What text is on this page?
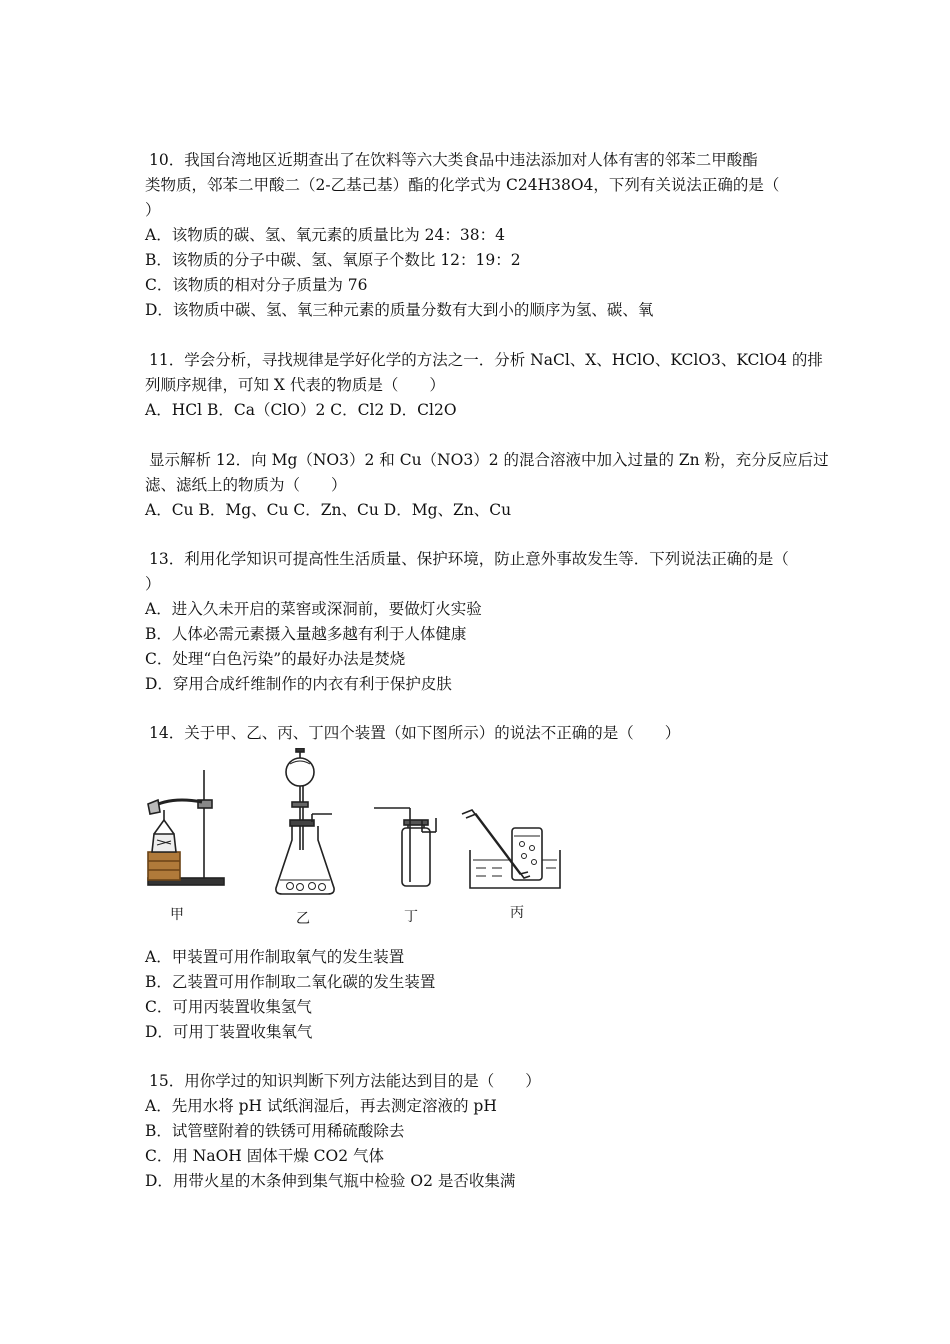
10．我国台湾地区近期查出了在饮料等六大类食品中违法添加对人体有害的邻苯二甲酸酯
类物质，邻苯二甲酸二（2-乙基己基）酯的化学式为 C24H38O4，下列有关说法正确的是（
）
A．该物质的碳、氢、氧元素的质量比为 24：38：4
B．该物质的分子中碳、氢、氧原子个数比 12：19：2
C．该物质的相对分子质量为 76
D．该物质中碳、氢、氧三种元素的质量分数有大到小的顺序为氢、碳、氧
11．学会分析，寻找规律是学好化学的方法之一．分析 NaCl、X、HClO、KClO3、KClO4 的排
列顺序规律，可知 X 代表的物质是（　　）
A．HCl B．Ca（ClO）2 C．Cl2 D．Cl2O
显示解析 12．向 Mg（NO3）2 和 Cu（NO3）2 的混合溶液中加入过量的 Zn 粉，充分反应后过
滤、滤纸上的物质为（　　）
A．Cu B．Mg、Cu C．Zn、Cu D．Mg、Zn、Cu
13．利用化学知识可提高性生活质量、保护环境，防止意外事故发生等．下列说法正确的是（
）
A．进入久未开启的菜窖或深洞前，要做灯火实验
B．人体必需元素摄入量越多越有利于人体健康
C．处理“白色污染”的最好办法是焚烧
D．穿用合成纤维制作的内衣有利于保护皮肤
14．关于甲、乙、丙、丁四个装置（如下图所示）的说法不正确的是（　　）
甲	乙	丁	丙
A．甲装置可用作制取氧气的发生装置
B．乙装置可用作制取二氧化碳的发生装置
C．可用丙装置收集氢气
D．可用丁装置收集氧气
15．用你学过的知识判断下列方法能达到目的是（　　）
A．先用水将 pH 试纸润湿后，再去测定溶液的 pH
B．试管壁附着的铁锈可用稀硫酸除去
C．用 NaOH 固体干燥 CO2 气体
D．用带火星的木条伸到集气瓶中检验 O2 是否收集满
